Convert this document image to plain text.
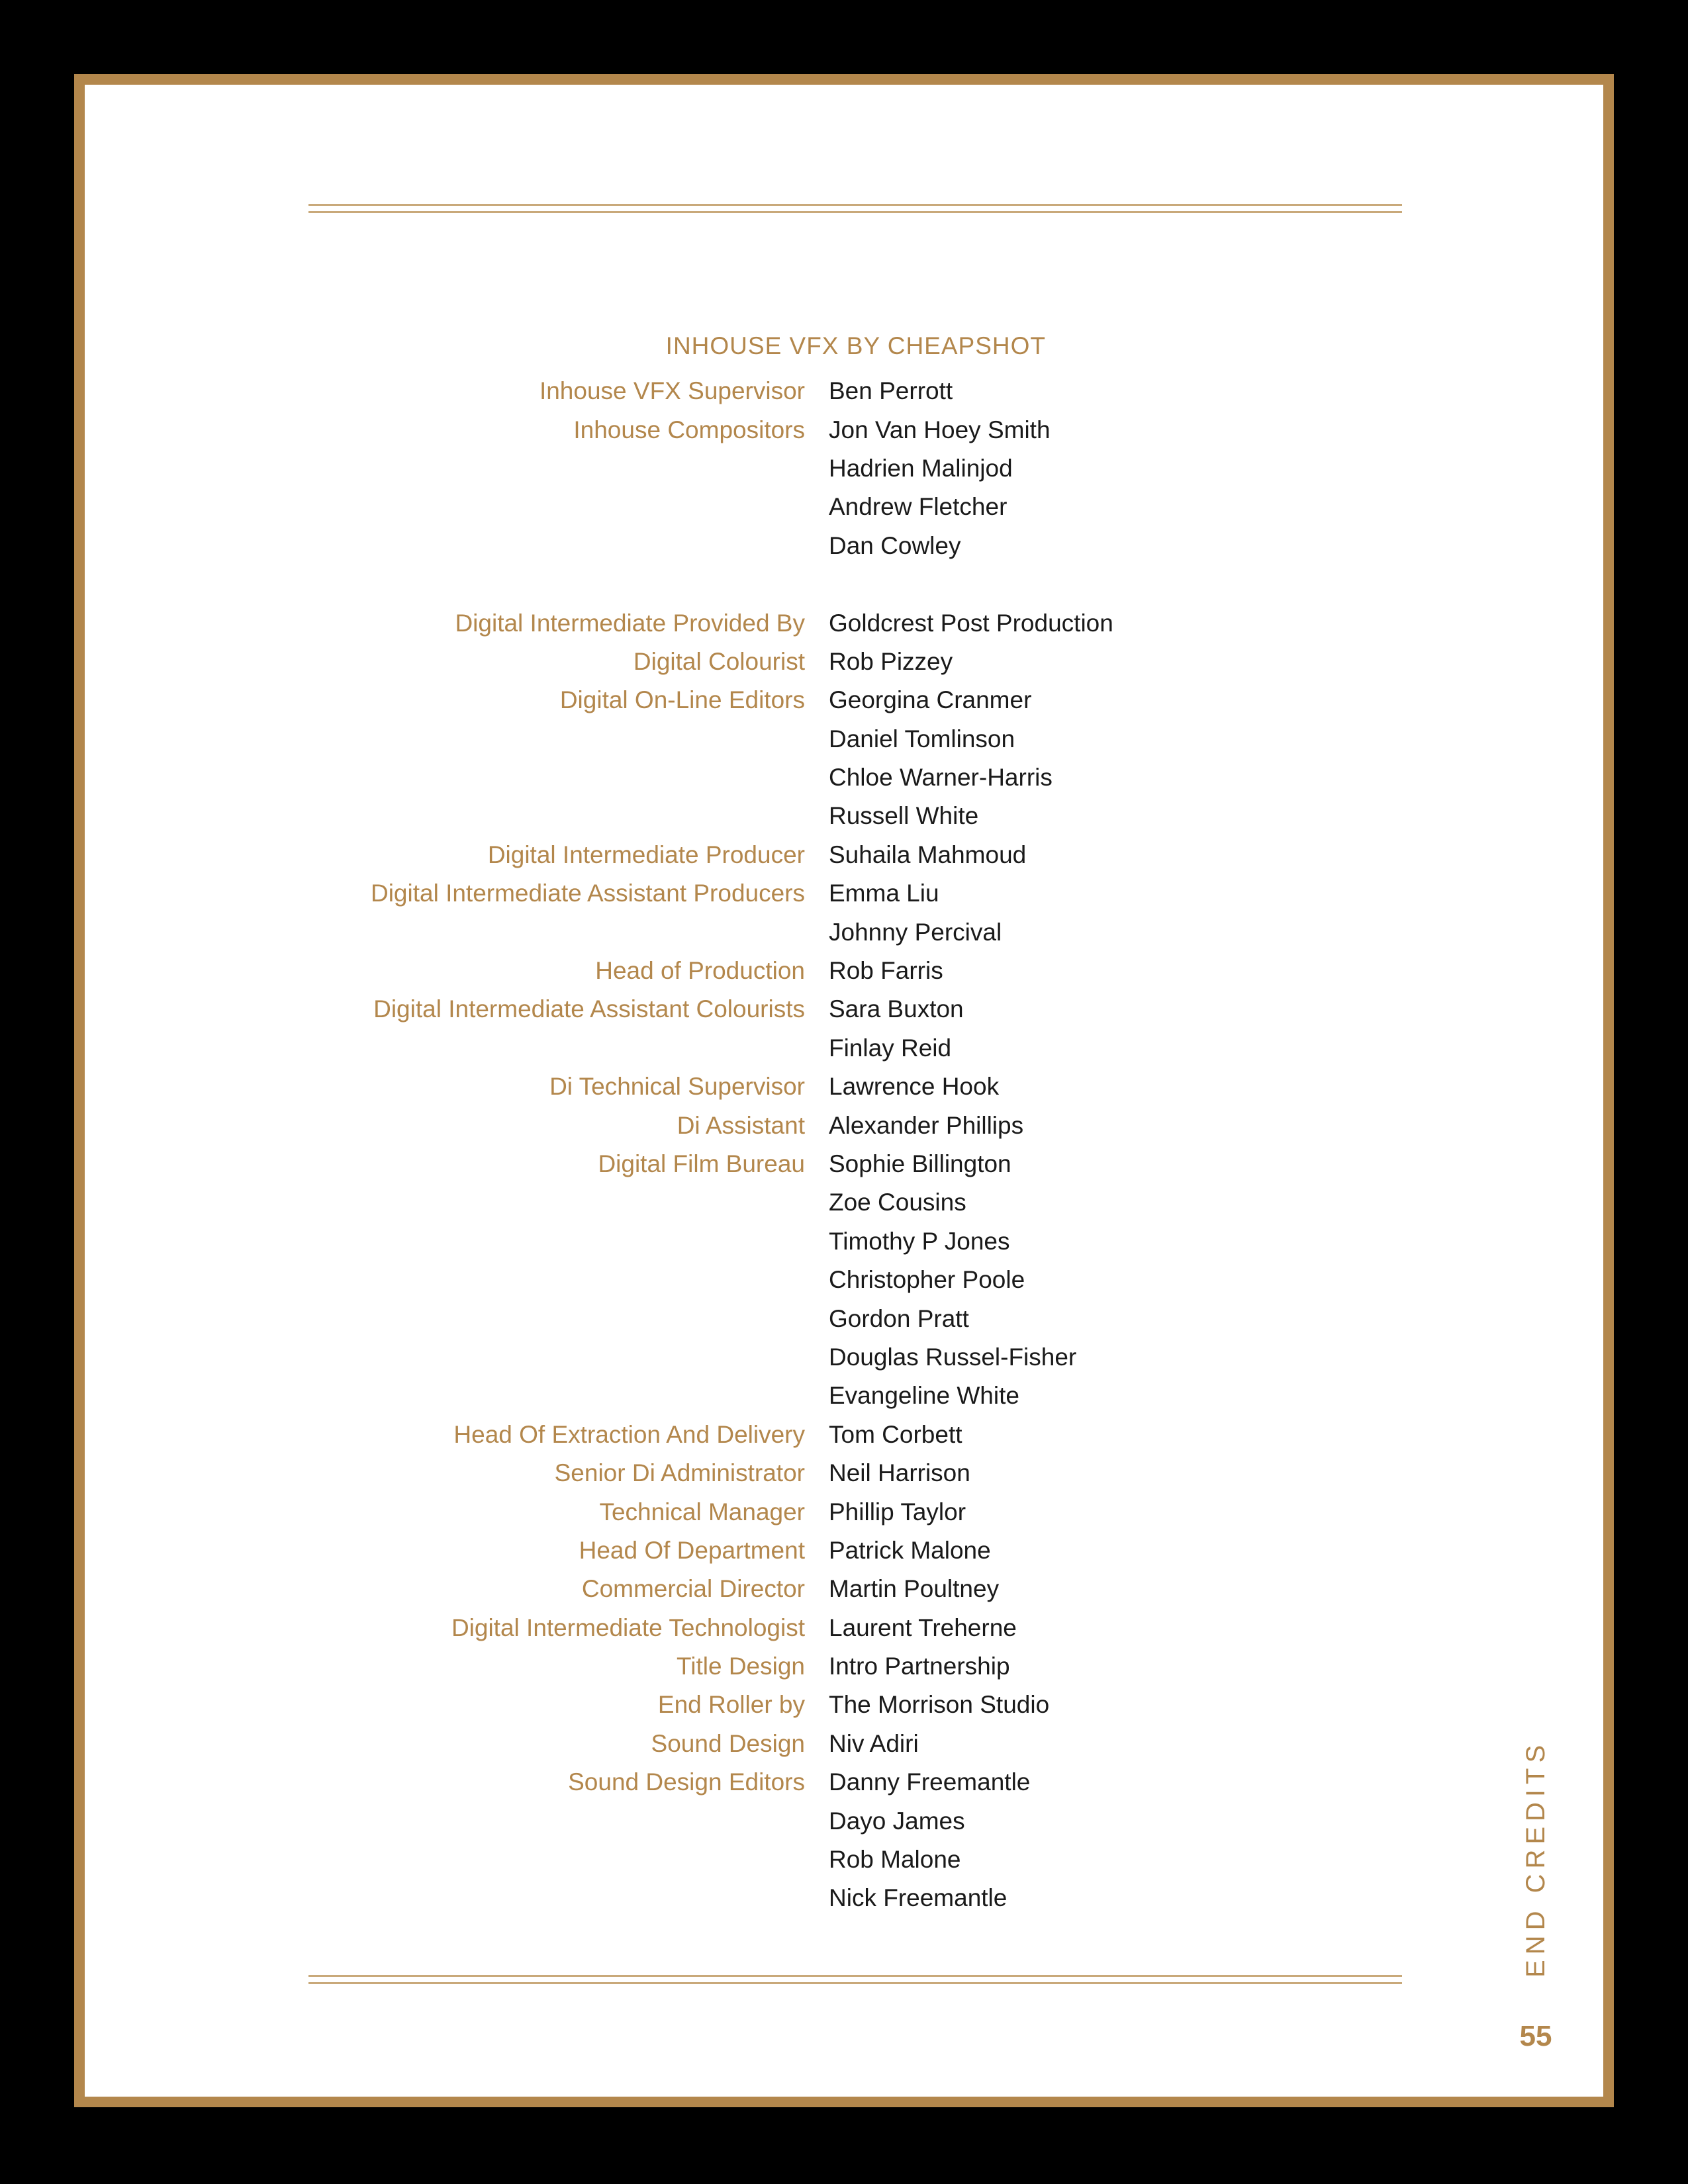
INHOUSE VFX BY CHEAPSHOT
Inhouse VFX Supervisor Ben Perrott
Inhouse Compositors Jon Van Hoey Smith
Hadrien Malinjod
Andrew Fletcher
Dan Cowley
Digital Intermediate Provided By Goldcrest Post Production
Digital Colourist Rob Pizzey
Digital On-Line Editors Georgina Cranmer
Daniel Tomlinson
Chloe Warner-Harris
Russell White
Digital Intermediate Producer Suhaila Mahmoud
Digital Intermediate Assistant Producers Emma Liu
Johnny Percival
Head of Production Rob Farris
Digital Intermediate Assistant Colourists Sara Buxton
Finlay Reid
Di Technical Supervisor Lawrence Hook
Di Assistant Alexander Phillips
Digital Film Bureau Sophie Billington
Zoe Cousins
Timothy P Jones
Christopher Poole
Gordon Pratt
Douglas Russel-Fisher
Evangeline White
Head Of Extraction And Delivery Tom Corbett
Senior Di Administrator Neil Harrison
Technical Manager Phillip Taylor
Head Of Department Patrick Malone
Commercial Director Martin Poultney
Digital Intermediate Technologist Laurent Treherne
Title Design Intro Partnership
End Roller by The Morrison Studio
Sound Design Niv Adiri
Sound Design Editors Danny Freemantle
Dayo James
Rob Malone
Nick Freemantle	END CREDITS
55
